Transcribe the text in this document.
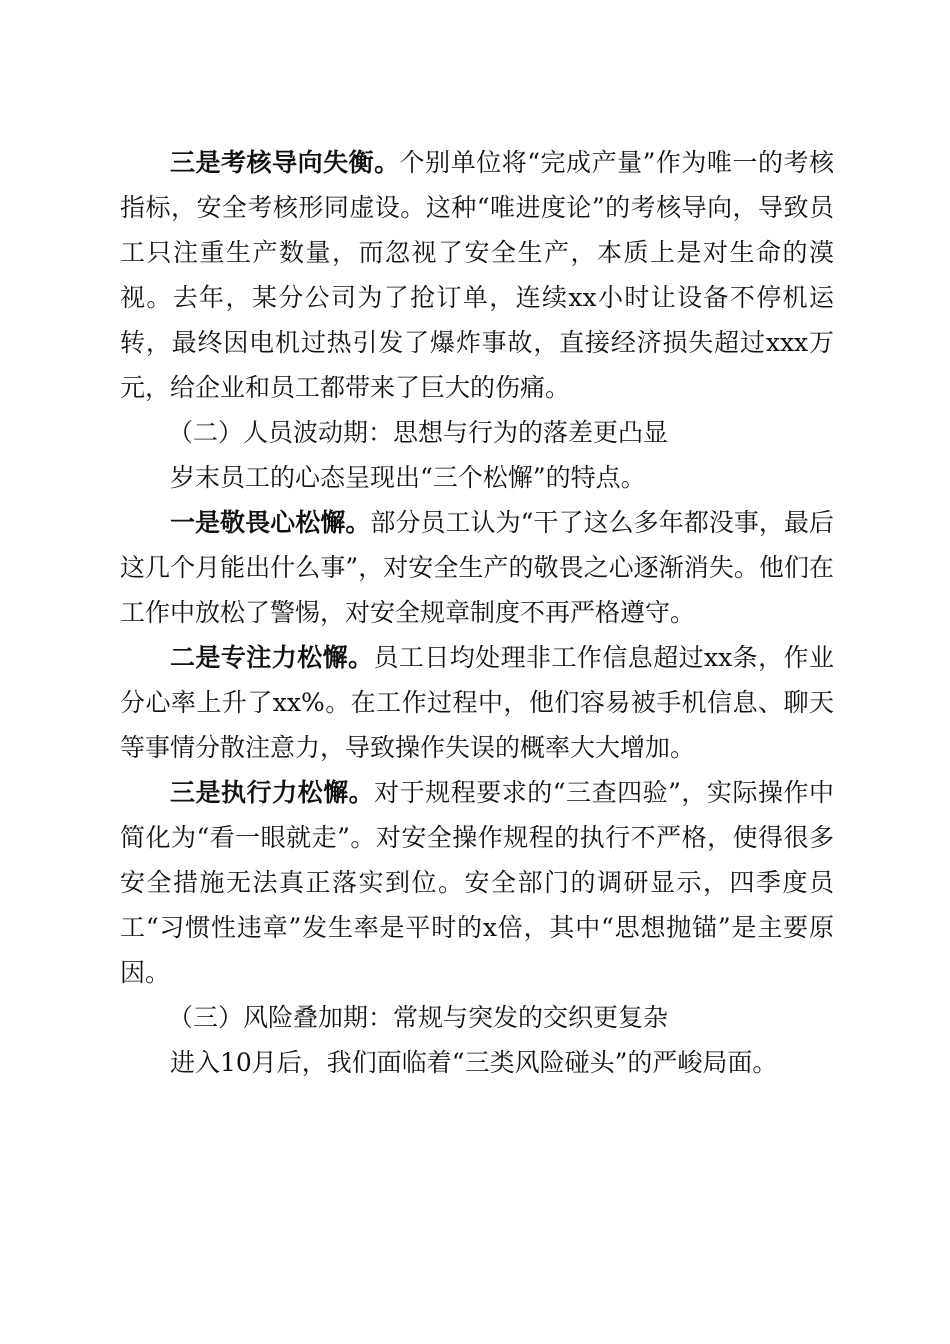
三是考核导向失衡。个别单位将“完成产量”作为唯一的考核指标，安全考核形同虚设。这种“唯进度论”的考核导向，导致员工只注重生产数量，而忽视了安全生产，本质上是对生命的漠视。去年，某分公司为了抢订单，连续xx小时让设备不停机运转，最终因电机过热引发了爆炸事故，直接经济损失超过xxx万元，给企业和员工都带来了巨大的伤痛。

（二）人员波动期：思想与行为的落差更凸显

岁末员工的心态呈现出“三个松懈”的特点。

一是敬畏心松懈。部分员工认为“干了这么多年都没事，最后这几个月能出什么事”，对安全生产的敬畏之心逐渐消失。他们在工作中放松了警惕，对安全规章制度不再严格遵守。

二是专注力松懈。员工日均处理非工作信息超过xx条，作业分心率上升了xx%。在工作过程中，他们容易被手机信息、聊天等事情分散注意力，导致操作失误的概率大大增加。

三是执行力松懈。对于规程要求的“三查四验”，实际操作中简化为“看一眼就走”。对安全操作规程的执行不严格，使得很多安全措施无法真正落实到位。安全部门的调研显示，四季度员工“习惯性违章”发生率是平时的x倍，其中“思想抛锚”是主要原因。

（三）风险叠加期：常规与突发的交织更复杂

进入10月后，我们面临着“三类风险碰头”的严峻局面。
